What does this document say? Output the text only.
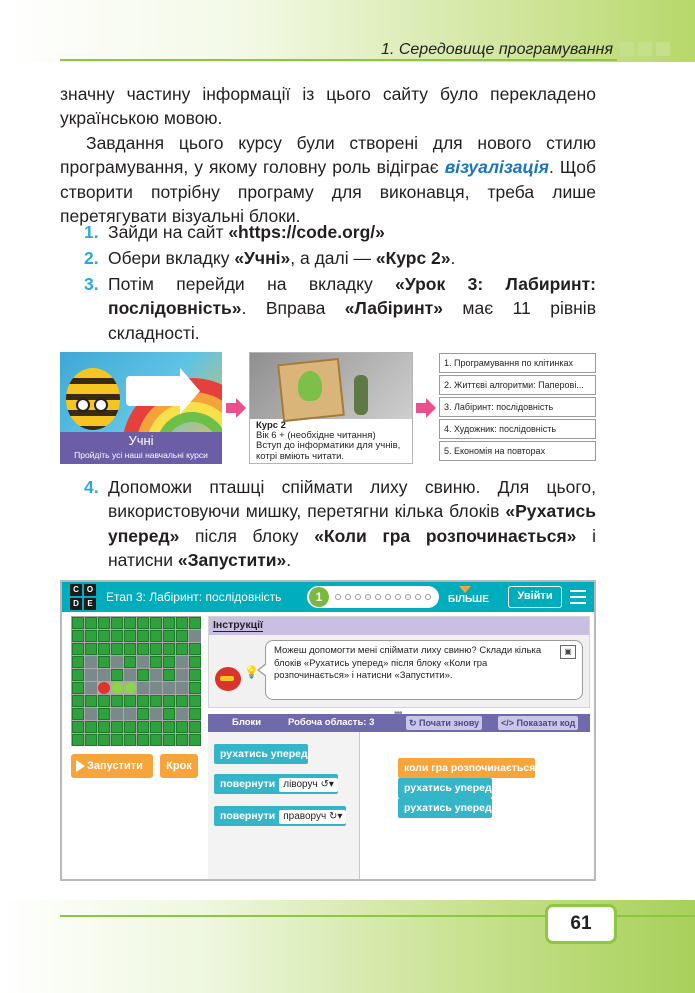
1. Середовище програмування
значну частину інформації із цього сайту було перекладено українською мовою.
Завдання цього курсу були створені для нового стилю програмування, у якому головну роль відіграє візуалізація. Щоб створити потрібну програму для виконавця, треба лише перетягувати візуальні блоки.
1. Зайди на сайт «https://code.org/»
2. Обери вкладку «Учні», а далі — «Курс 2».
3. Потім перейди на вкладку «Урок 3: Лабиринт: послідовність». Вправа «Лабіринт» має 11 рівнів складності.
Учні
Пройдіть усі наші навчальні курси
Курс 2
Вік 6 + (необхідне читання)
Вступ до інформатики для учнів, котрі вміють читати.
1. Програмування по клітинках
2. Життєві алгоритми: Паперові...
3. Лабіринт: послідовність
4. Художник: послідовність
5. Економія на повторах
4. Допоможи пташці спіймати лиху свиню. Для цього, використовуючи мишку, перетягни кілька блоків «Рухатись уперед» після блоку «Коли гра розпочинається» і натисни «Запустити».
C O
D	E Етап 3: Лабіринт: послідовність	1	БІЛЬШЕ	Увійти
Запустити	Крок
Інструкції
💡
Можеш допомогти мені спіймати лиху свиню? Склади кілька блоків «Рухатись уперед» після блоку «Коли гра розпочинається» і натисни «Запустити».
▣
Блоки	Робоча область: 3	↻ Почати знову	</> Показати код
рухатись уперед
повернути ліворуч ↺▾
повернути праворуч ↻▾
коли гра розпочинається
рухатись уперед
рухатись уперед
61
